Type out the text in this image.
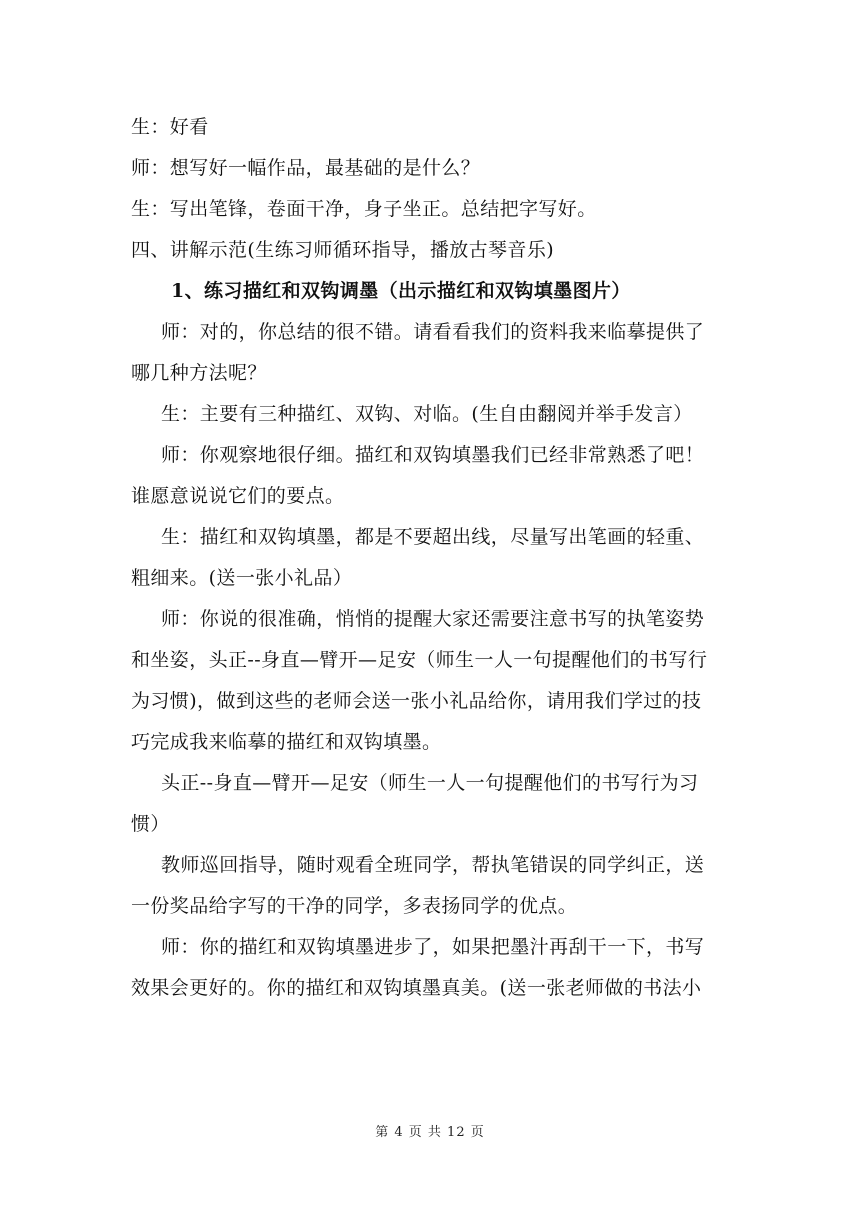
生：好看

师：想写好一幅作品，最基础的是什么？

生：写出笔锋，卷面干净，身子坐正。总结把字写好。

四、讲解示范(生练习师循环指导，播放古琴音乐)

1、练习描红和双钩调墨（出示描红和双钩填墨图片）

师：对的，你总结的很不错。请看看我们的资料我来临摹提供了

哪几种方法呢？

生：主要有三种描红、双钩、对临。(生自由翻阅并举手发言）

师：你观察地很仔细。描红和双钩填墨我们已经非常熟悉了吧！

谁愿意说说它们的要点。

生：描红和双钩填墨，都是不要超出线，尽量写出笔画的轻重、

粗细来。(送一张小礼品）

师：你说的很准确，悄悄的提醒大家还需要注意书写的执笔姿势

和坐姿，头正--身直—臂开—足安（师生一人一句提醒他们的书写行

为习惯)，做到这些的老师会送一张小礼品给你，请用我们学过的技

巧完成我来临摹的描红和双钩填墨。

头正--身直—臂开—足安（师生一人一句提醒他们的书写行为习

惯）

教师巡回指导，随时观看全班同学，帮执笔错误的同学纠正，送

一份奖品给字写的干净的同学，多表扬同学的优点。

师：你的描红和双钩填墨进步了，如果把墨汁再刮干一下，书写

效果会更好的。你的描红和双钩填墨真美。(送一张老师做的书法小

第 4 页 共 12 页
